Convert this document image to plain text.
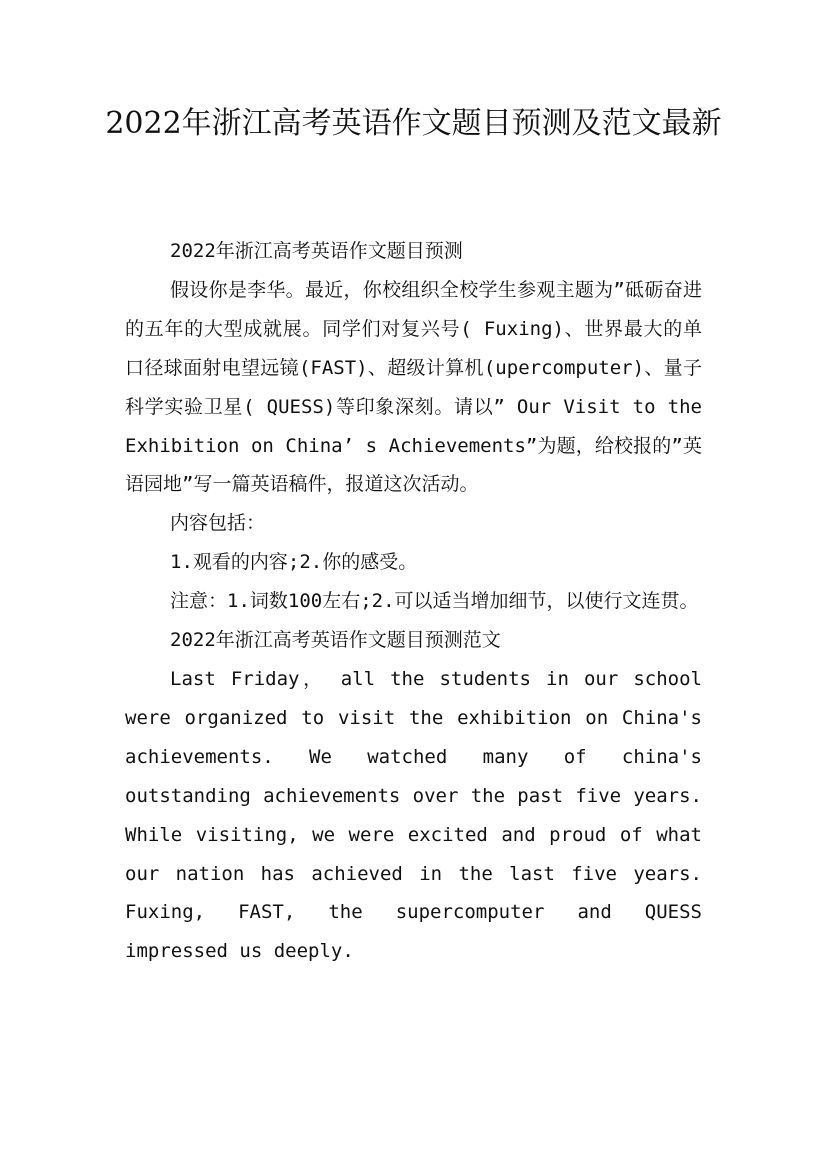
2022年浙江高考英语作文题目预测及范文最新

2022年浙江高考英语作文题目预测

假设你是李华。最近，你校组织全校学生参观主题为”砥砺奋进的五年的大型成就展。同学们对复兴号( Fuxing)、世界最大的单口径球面射电望远镜(FAST)、超级计算机(upercomputer)、量子科学实验卫星( QUESS)等印象深刻。请以” Our Visit to the Exhibition on China’ s Achievements”为题，给校报的”英语园地”写一篇英语稿件，报道这次活动。

内容包括：

1.观看的内容;2.你的感受。

注意：1.词数100左右;2.可以适当增加细节，以使行文连贯。

2022年浙江高考英语作文题目预测范文

Last Friday， all the students in our school were organized to visit the exhibition on China's achievements. We watched many of china's outstanding achievements over the past five years. While visiting, we were excited and proud of what our nation has achieved in the last five years. Fuxing, FAST, the supercomputer and QUESS impressed us deeply.
